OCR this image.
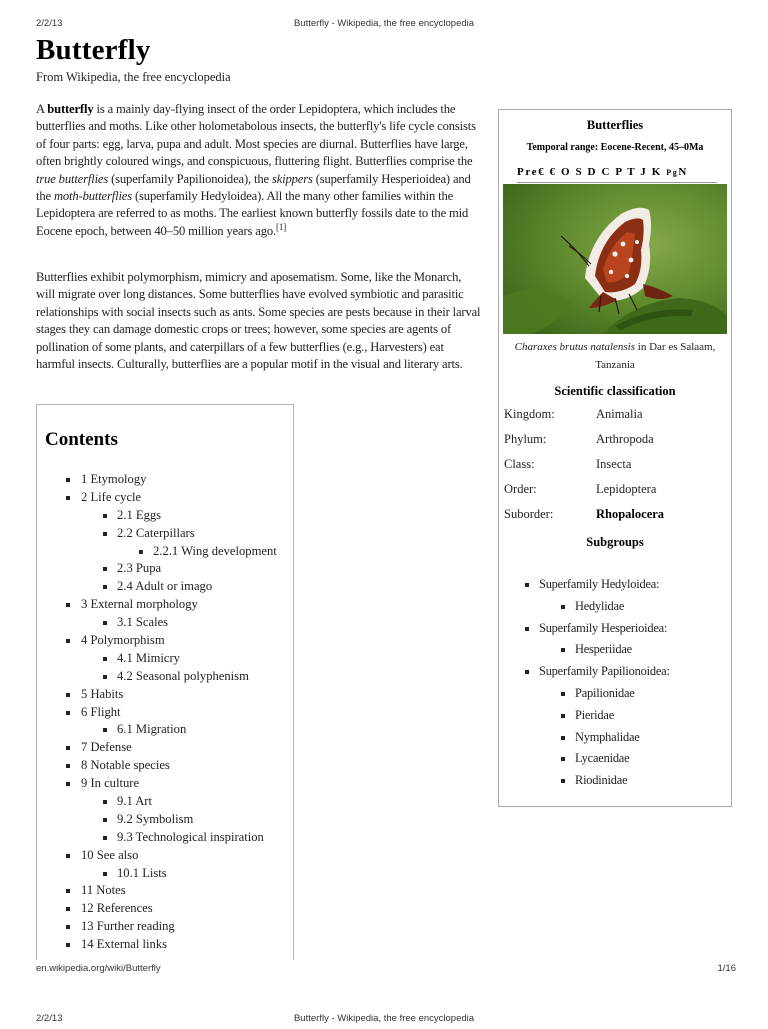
2/2/13	Butterfly - Wikipedia, the free encyclopedia
Butterfly
From Wikipedia, the free encyclopedia

A butterfly is a mainly day-flying insect of the order Lepidoptera, which includes the butterflies and moths. Like other holometabolous insects, the butterfly's life cycle consists of four parts: egg, larva, pupa and adult. Most species are diurnal. Butterflies have large, often brightly coloured wings, and conspicuous, fluttering flight. Butterflies comprise the true butterflies (superfamily Papilionoidea), the skippers (superfamily Hesperioidea) and the moth-butterflies (superfamily Hedyloidea). All the many other families within the Lepidoptera are referred to as moths. The earliest known butterfly fossils date to the mid Eocene epoch, between 40–50 million years ago.[1]

Butterflies exhibit polymorphism, mimicry and aposematism. Some, like the Monarch, will migrate over long distances. Some butterflies have evolved symbiotic and parasitic relationships with social insects such as ants. Some species are pests because in their larval stages they can damage domestic crops or trees; however, some species are agents of pollination of some plants, and caterpillars of a few butterflies (e.g., Harvesters) eat harmful insects. Culturally, butterflies are a popular motif in the visual and literary arts.

Contents
1 Etymology
2 Life cycle
2.1 Eggs
2.2 Caterpillars
2.2.1 Wing development
2.3 Pupa
2.4 Adult or imago
3 External morphology
3.1 Scales
4 Polymorphism
4.1 Mimicry
4.2 Seasonal polyphenism
5 Habits
6 Flight
6.1 Migration
7 Defense
8 Notable species
9 In culture
9.1 Art
9.2 Symbolism
9.3 Technological inspiration
10 See also
10.1 Lists
11 Notes
12 References
13 Further reading
14 External links
Butterflies
Temporal range: Eocene-Recent, 45–0Ma
Pre€ € O S D C P T J K PgN
Charaxes brutus natalensis in Dar es Salaam, Tanzania
Scientific classification
Kingdom:	Animalia
Phylum:	Arthropoda
Class:	Insecta
Order:	Lepidoptera
Suborder:	Rhopalocera
Subgroups
Superfamily Hedyloidea:
Hedylidae
Superfamily Hesperioidea:
Hesperiidae
Superfamily Papilionoidea:
Papilionidae
Pieridae
Nymphalidae
Lycaenidae
Riodinidae
en.wikipedia.org/wiki/Butterfly	1/16
2/2/13	Butterfly - Wikipedia, the free encyclopedia
